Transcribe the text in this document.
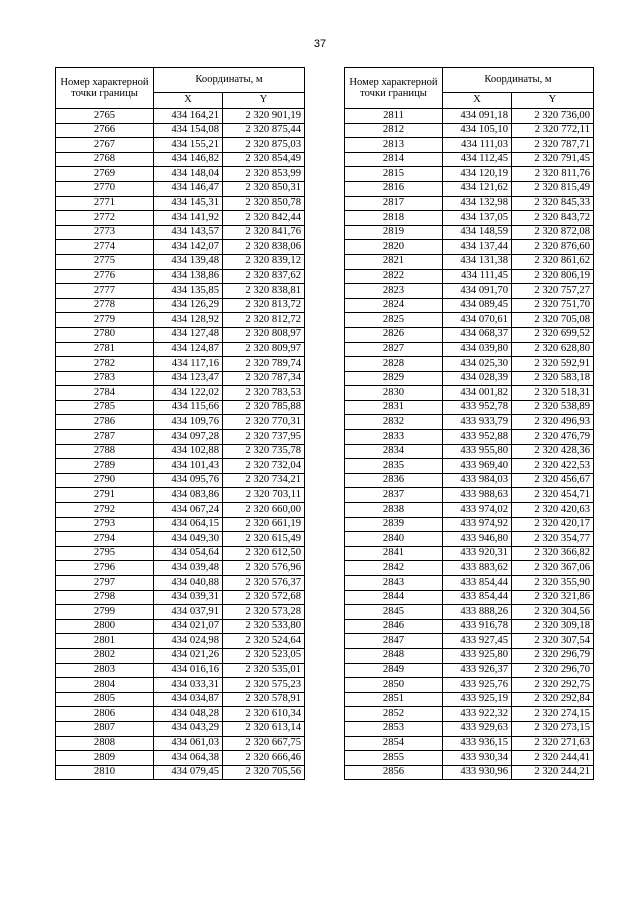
37
Номер характерной точки границы	Координаты, м	
	X	Y
2765	434 164,21	2 320 901,19
2766	434 154,08	2 320 875,44
2767	434 155,21	2 320 875,03
2768	434 146,82	2 320 854,49
2769	434 148,04	2 320 853,99
2770	434 146,47	2 320 850,31
2771	434 145,31	2 320 850,78
2772	434 141,92	2 320 842,44
2773	434 143,57	2 320 841,76
2774	434 142,07	2 320 838,06
2775	434 139,48	2 320 839,12
2776	434 138,86	2 320 837,62
2777	434 135,85	2 320 838,81
2778	434 126,29	2 320 813,72
2779	434 128,92	2 320 812,72
2780	434 127,48	2 320 808,97
2781	434 124,87	2 320 809,97
2782	434 117,16	2 320 789,74
2783	434 123,47	2 320 787,34
2784	434 122,02	2 320 783,53
2785	434 115,66	2 320 785,88
2786	434 109,76	2 320 770,31
2787	434 097,28	2 320 737,95
2788	434 102,88	2 320 735,78
2789	434 101,43	2 320 732,04
2790	434 095,76	2 320 734,21
2791	434 083,86	2 320 703,11
2792	434 067,24	2 320 660,00
2793	434 064,15	2 320 661,19
2794	434 049,30	2 320 615,49
2795	434 054,64	2 320 612,50
2796	434 039,48	2 320 576,96
2797	434 040,88	2 320 576,37
2798	434 039,31	2 320 572,68
2799	434 037,91	2 320 573,28
2800	434 021,07	2 320 533,80
2801	434 024,98	2 320 524,64
2802	434 021,26	2 320 523,05
2803	434 016,16	2 320 535,01
2804	434 033,31	2 320 575,23
2805	434 034,87	2 320 578,91
2806	434 048,28	2 320 610,34
2807	434 043,29	2 320 613,14
2808	434 061,03	2 320 667,75
2809	434 064,38	2 320 666,46
2810	434 079,45	2 320 705,56
Номер характерной точки границы	Координаты, м	
	X	Y
2811	434 091,18	2 320 736,00
2812	434 105,10	2 320 772,11
2813	434 111,03	2 320 787,71
2814	434 112,45	2 320 791,45
2815	434 120,19	2 320 811,76
2816	434 121,62	2 320 815,49
2817	434 132,98	2 320 845,33
2818	434 137,05	2 320 843,72
2819	434 148,59	2 320 872,08
2820	434 137,44	2 320 876,60
2821	434 131,38	2 320 861,62
2822	434 111,45	2 320 806,19
2823	434 091,70	2 320 757,27
2824	434 089,45	2 320 751,70
2825	434 070,61	2 320 705,08
2826	434 068,37	2 320 699,52
2827	434 039,80	2 320 628,80
2828	434 025,30	2 320 592,91
2829	434 028,39	2 320 583,18
2830	434 001,82	2 320 518,31
2831	433 952,78	2 320 538,89
2832	433 933,79	2 320 496,93
2833	433 952,88	2 320 476,79
2834	433 955,80	2 320 428,36
2835	433 969,40	2 320 422,53
2836	433 984,03	2 320 456,67
2837	433 988,63	2 320 454,71
2838	433 974,02	2 320 420,63
2839	433 974,92	2 320 420,17
2840	433 946,80	2 320 354,77
2841	433 920,31	2 320 366,82
2842	433 883,62	2 320 367,06
2843	433 854,44	2 320 355,90
2844	433 854,44	2 320 321,86
2845	433 888,26	2 320 304,56
2846	433 916,78	2 320 309,18
2847	433 927,45	2 320 307,54
2848	433 925,80	2 320 296,79
2849	433 926,37	2 320 296,70
2850	433 925,76	2 320 292,75
2851	433 925,19	2 320 292,84
2852	433 922,32	2 320 274,15
2853	433 929,63	2 320 273,15
2854	433 936,15	2 320 271,63
2855	433 930,34	2 320 244,41
2856	433 930,96	2 320 244,21
